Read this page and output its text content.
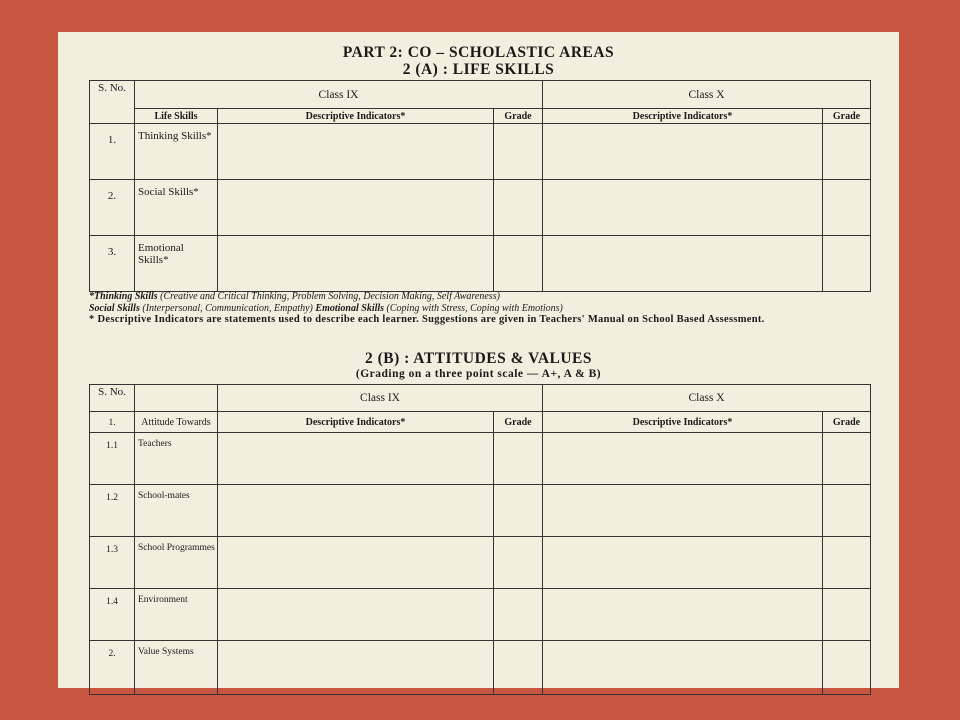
PART 2: CO – SCHOLASTIC AREAS
2 (A) : LIFE SKILLS
S. No.	Class IX			Class X	
	Life Skills	Descriptive Indicators*	Grade	Descriptive Indicators*	Grade
1.	Thinking Skills*				
2.	Social Skills*				
3.	Emotional Skills*				
*Thinking Skills (Creative and Critical Thinking, Problem Solving, Decision Making, Self Awareness)
Social Skills (Interpersonal, Communication, Empathy) Emotional Skills (Coping with Stress, Coping with Emotions)
* Descriptive Indicators are statements used to describe each learner. Suggestions are given in Teachers' Manual on School Based Assessment.
2 (B) : ATTITUDES & VALUES
(Grading on a three point scale — A+, A & B)
S. No.		Class IX		Class X	
1.	Attitude Towards	Descriptive Indicators*	Grade	Descriptive Indicators*	Grade
1.1	Teachers				
1.2	School-mates				
1.3	School Programmes				
1.4	Environment				
2.	Value Systems				
